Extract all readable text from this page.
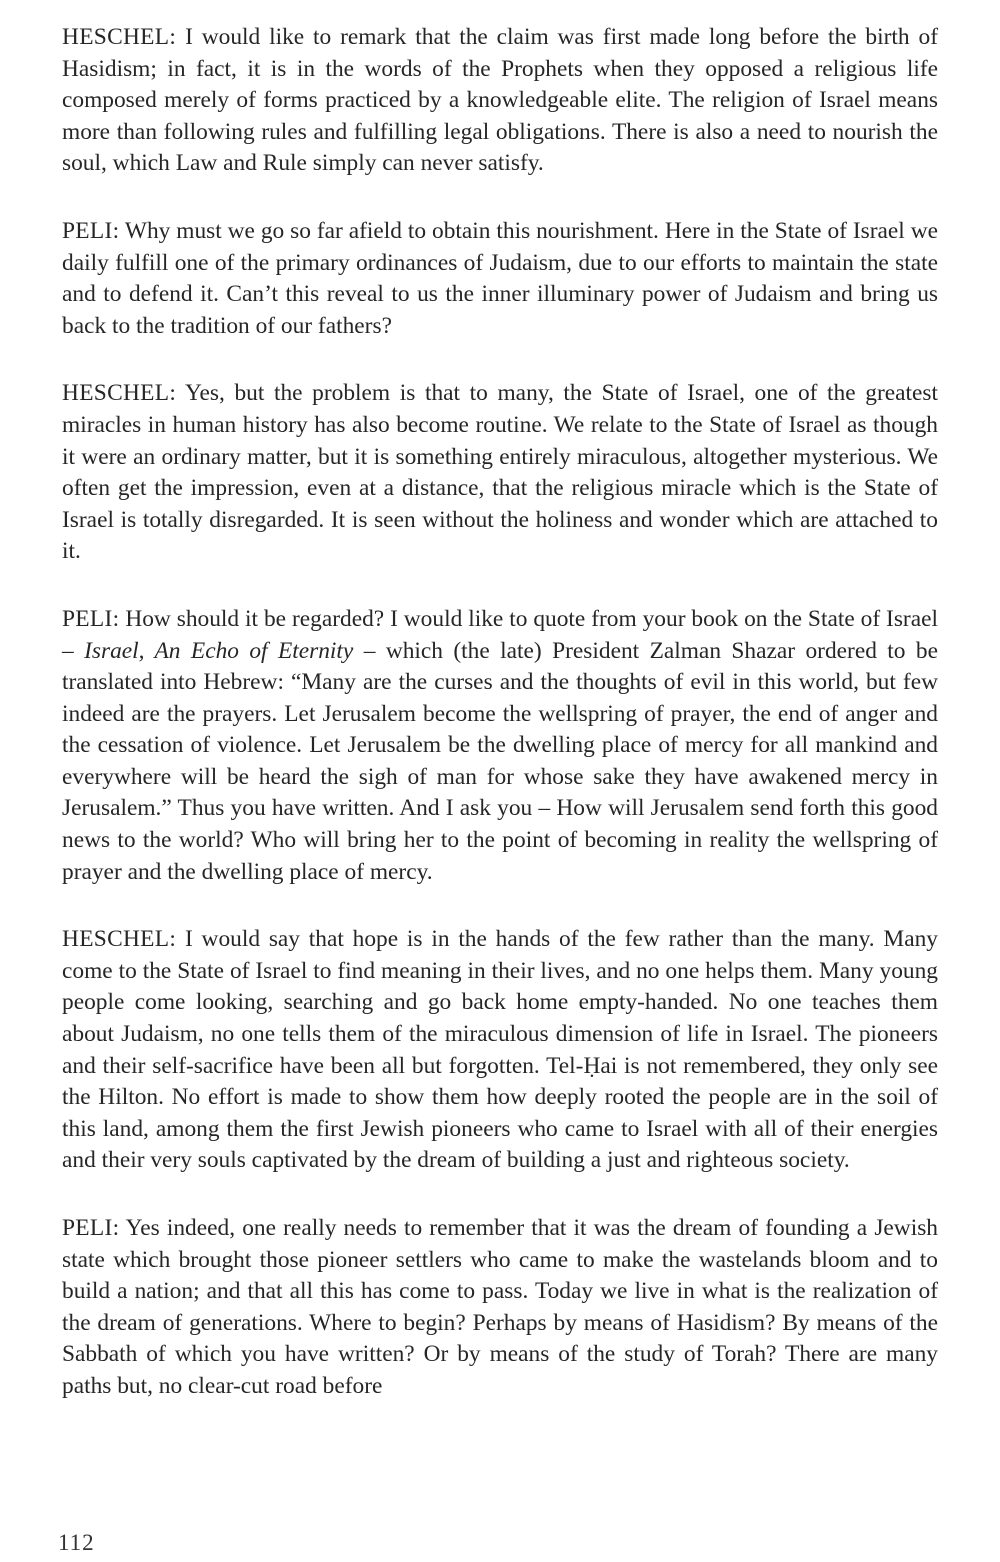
HESCHEL: I would like to remark that the claim was first made long before the birth of Hasidism; in fact, it is in the words of the Prophets when they opposed a religious life composed merely of forms practiced by a knowledgeable elite. The religion of Israel means more than following rules and fulfilling legal obligations. There is also a need to nourish the soul, which Law and Rule simply can never satisfy.

PELI: Why must we go so far afield to obtain this nourishment. Here in the State of Israel we daily fulfill one of the primary ordinances of Judaism, due to our efforts to maintain the state and to defend it. Can’t this reveal to us the inner illuminary power of Judaism and bring us back to the tradition of our fathers?

HESCHEL: Yes, but the problem is that to many, the State of Israel, one of the greatest miracles in human history has also become routine. We relate to the State of Israel as though it were an ordinary matter, but it is something entirely miraculous, altogether mysterious. We often get the impression, even at a distance, that the religious miracle which is the State of Israel is totally disregarded. It is seen without the holiness and wonder which are attached to it.

PELI: How should it be regarded? I would like to quote from your book on the State of Israel – Israel, An Echo of Eternity – which (the late) President Zalman Shazar ordered to be translated into Hebrew: “Many are the curses and the thoughts of evil in this world, but few indeed are the prayers. Let Jerusalem become the wellspring of prayer, the end of anger and the cessation of violence. Let Jerusalem be the dwelling place of mercy for all mankind and everywhere will be heard the sigh of man for whose sake they have awakened mercy in Jerusalem.” Thus you have written. And I ask you – How will Jerusalem send forth this good news to the world? Who will bring her to the point of becoming in reality the wellspring of prayer and the dwelling place of mercy.

HESCHEL: I would say that hope is in the hands of the few rather than the many. Many come to the State of Israel to find meaning in their lives, and no one helps them. Many young people come looking, searching and go back home empty-handed. No one teaches them about Judaism, no one tells them of the miraculous dimension of life in Israel. The pioneers and their self-sacrifice have been all but forgotten. Tel-Ḥai is not remembered, they only see the Hilton. No effort is made to show them how deeply rooted the people are in the soil of this land, among them the first Jewish pioneers who came to Israel with all of their energies and their very souls captivated by the dream of building a just and righteous society.

PELI: Yes indeed, one really needs to remember that it was the dream of founding a Jewish state which brought those pioneer settlers who came to make the wastelands bloom and to build a nation; and that all this has come to pass. Today we live in what is the realization of the dream of generations. Where to begin? Perhaps by means of Hasidism? By means of the Sabbath of which you have written? Or by means of the study of Torah? There are many paths but, no clear-cut road before

112
